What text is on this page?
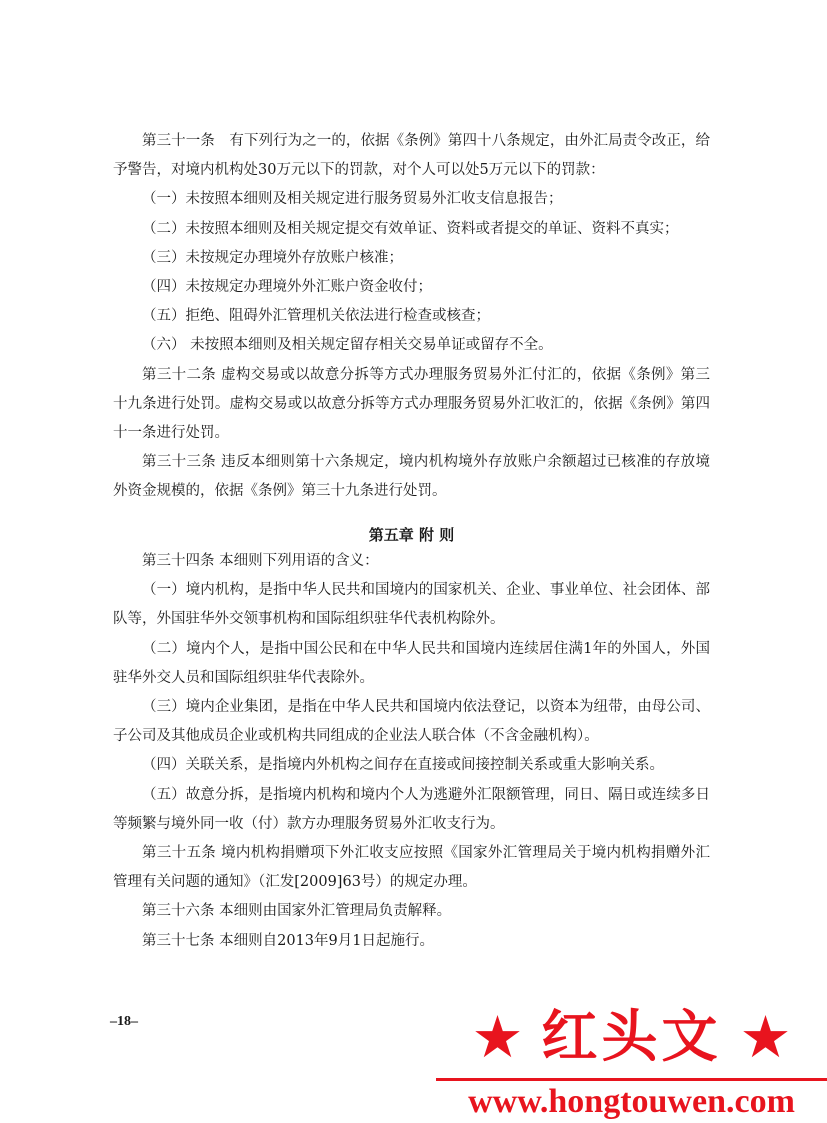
第三十一条　有下列行为之一的，依据《条例》第四十八条规定，由外汇局责令改正，给予警告，对境内机构处30万元以下的罚款，对个人可以处5万元以下的罚款：

（一）未按照本细则及相关规定进行服务贸易外汇收支信息报告；

（二）未按照本细则及相关规定提交有效单证、资料或者提交的单证、资料不真实；

（三）未按规定办理境外存放账户核准；

（四）未按规定办理境外外汇账户资金收付；

（五）拒绝、阻碍外汇管理机关依法进行检查或核查；

（六） 未按照本细则及相关规定留存相关交易单证或留存不全。

第三十二条 虚构交易或以故意分拆等方式办理服务贸易外汇付汇的，依据《条例》第三十九条进行处罚。虚构交易或以故意分拆等方式办理服务贸易外汇收汇的，依据《条例》第四十一条进行处罚。

第三十三条 违反本细则第十六条规定，境内机构境外存放账户余额超过已核准的存放境外资金规模的，依据《条例》第三十九条进行处罚。

第五章 附 则

第三十四条 本细则下列用语的含义：

（一）境内机构，是指中华人民共和国境内的国家机关、企业、事业单位、社会团体、部队等，外国驻华外交领事机构和国际组织驻华代表机构除外。

（二）境内个人，是指中国公民和在中华人民共和国境内连续居住满1年的外国人，外国驻华外交人员和国际组织驻华代表除外。

（三）境内企业集团，是指在中华人民共和国境内依法登记，以资本为纽带，由母公司、子公司及其他成员企业或机构共同组成的企业法人联合体（不含金融机构）。

（四）关联关系，是指境内外机构之间存在直接或间接控制关系或重大影响关系。

（五）故意分拆，是指境内机构和境内个人为逃避外汇限额管理，同日、隔日或连续多日等频繁与境外同一收（付）款方办理服务贸易外汇收支行为。

第三十五条 境内机构捐赠项下外汇收支应按照《国家外汇管理局关于境内机构捐赠外汇管理有关问题的通知》（汇发[2009]63号）的规定办理。

第三十六条 本细则由国家外汇管理局负责解释。

第三十七条 本细则自2013年9月1日起施行。

–18–	★ 红头文 ★
www.hongtouwen.com
